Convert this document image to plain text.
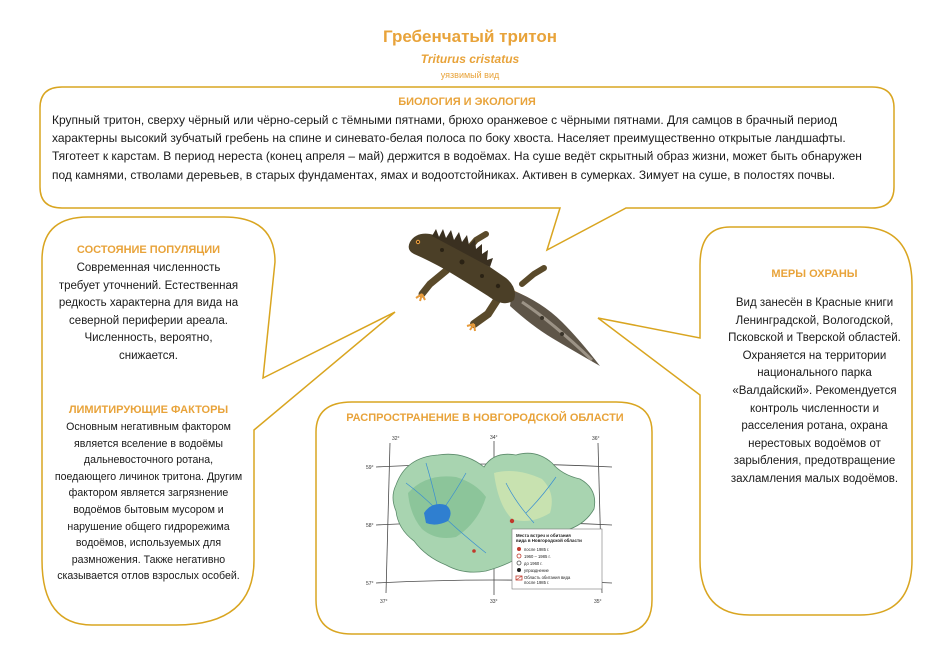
Гребенчатый тритон
Triturus cristatus
уязвимый вид
БИОЛОГИЯ И ЭКОЛОГИЯ
Крупный тритон, сверху чёрный или чёрно-серый с тёмными пятнами, брюхо оранжевое с чёрными пятнами. Для самцов в брачный период характерны высокий зубчатый гребень на спине и синевато-белая полоса по боку хвоста. Населяет преимущественно открытые ландшафты. Тяготеет к карстам. В период нереста (конец апреля – май) держится в водоёмах. На суше ведёт скрытный образ жизни, может быть обнаружен под камнями, стволами деревьев, в старых фундаментах, ямах и водоотстойниках. Активен в сумерках. Зимует на суше, в полостях почвы.
СОСТОЯНИЕ ПОПУЛЯЦИИ
Современная численность требует уточнений. Естественная редкость характерна для вида на северной периферии ареала. Численность, вероятно, снижается.
ЛИМИТИРУЮЩИЕ ФАКТОРЫ
Основным негативным фактором является вселение в водоёмы дальневосточного ротана, поедающего личинок тритона. Другим фактором является загрязнение водоёмов бытовым мусором и нарушение общего гидрорежима водоёмов, используемых для размножения. Также негативно сказывается отлов взрослых особей.
РАСПРОСТРАНЕНИЕ В НОВГОРОДСКОЙ ОБЛАСТИ
МЕРЫ ОХРАНЫ
Вид занесён в Красные книги Ленинградской, Вологодской, Псковской и Тверской областей. Охраняется на территории национального парка «Валдайский». Рекомендуется контроль численности и расселения ротана, охрана нерестовых водоёмов от зарыбления, предотвращение захламления малых водоёмов.
Места встреч и обитания
вида в Новгородской области
после 1985 г.
1960 – 1985 г.
до 1960 г.
упразднение
Область обитания вида
после 1985 г.
32°	34°	36°
59°
58°
57°
37°	33°	35°
